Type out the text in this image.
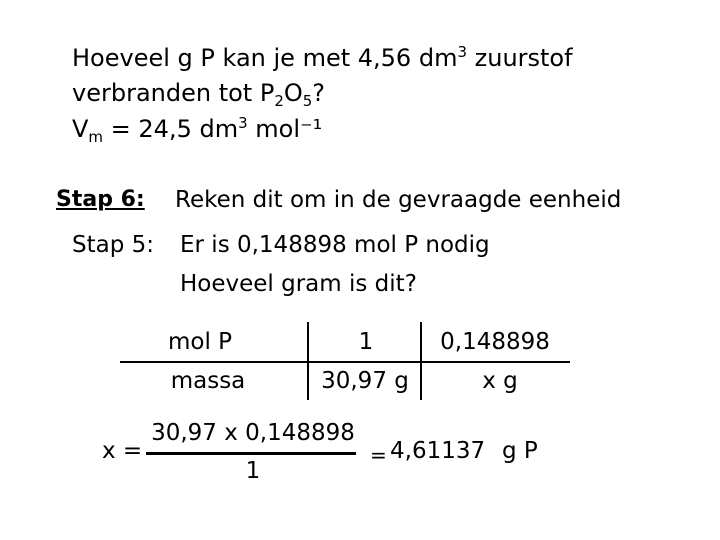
Hoeveel g P kan je met 4,56 $dm^3$ zuurstof
verbranden tot $P_2O_5$?
$V_m = 24,5$ $dm^3$ mol⁻¹
Stap 6: Reken dit om in de gevraagde eenheid
Stap 5: Er is 0,148898 mol P nodig
Hoeveel gram is dit?
mol P	1	0,148898
massa	30,97 g	x g
x =
30,97 x 0,148898
1
= 4,61137 g P
